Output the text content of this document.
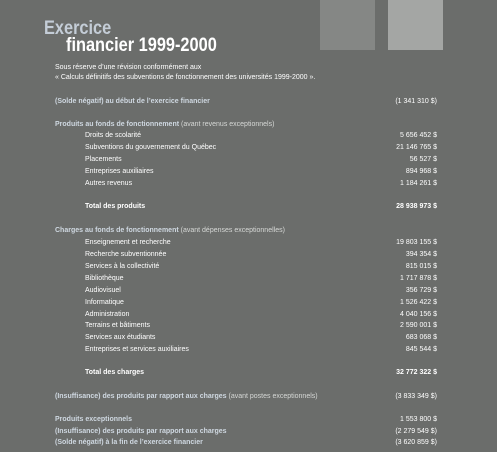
Exercice
financier 1999-2000
Sous réserve d’une révision conformément aux
« Calculs définitifs des subventions de fonctionnement des universités 1999-2000 ».
(Solde négatif) au début de l’exercice financier	(1 341 310 $)
Produits au fonds de fonctionnement (avant revenus exceptionnels)
Droits de scolarité	5 656 452 $
Subventions du gouvernement du Québec	21 146 765 $
Placements	56 527 $
Entreprises auxiliaires	894 968 $
Autres revenus	1 184 261 $
Total des produits	28 938 973 $
Charges au fonds de fonctionnement (avant dépenses exceptionnelles)
Enseignement et recherche	19 803 155 $
Recherche subventionnée	394 354 $
Services à la collectivité	815 015 $
Bibliothèque	1 717 878 $
Audiovisuel	356 729 $
Informatique	1 526 422 $
Administration	4 040 156 $
Terrains et bâtiments	2 590 001 $
Services aux étudiants	683 068 $
Entreprises et services auxiliaires	845 544 $
Total des charges	32 772 322 $
(Insuffisance) des produits par rapport aux charges (avant postes exceptionnels)	(3 833 349 $)
Produits exceptionnels	1 553 800 $
(Insuffisance) des produits par rapport aux charges	(2 279 549 $)
(Solde négatif) à la fin de l’exercice financier	(3 620 859 $)
